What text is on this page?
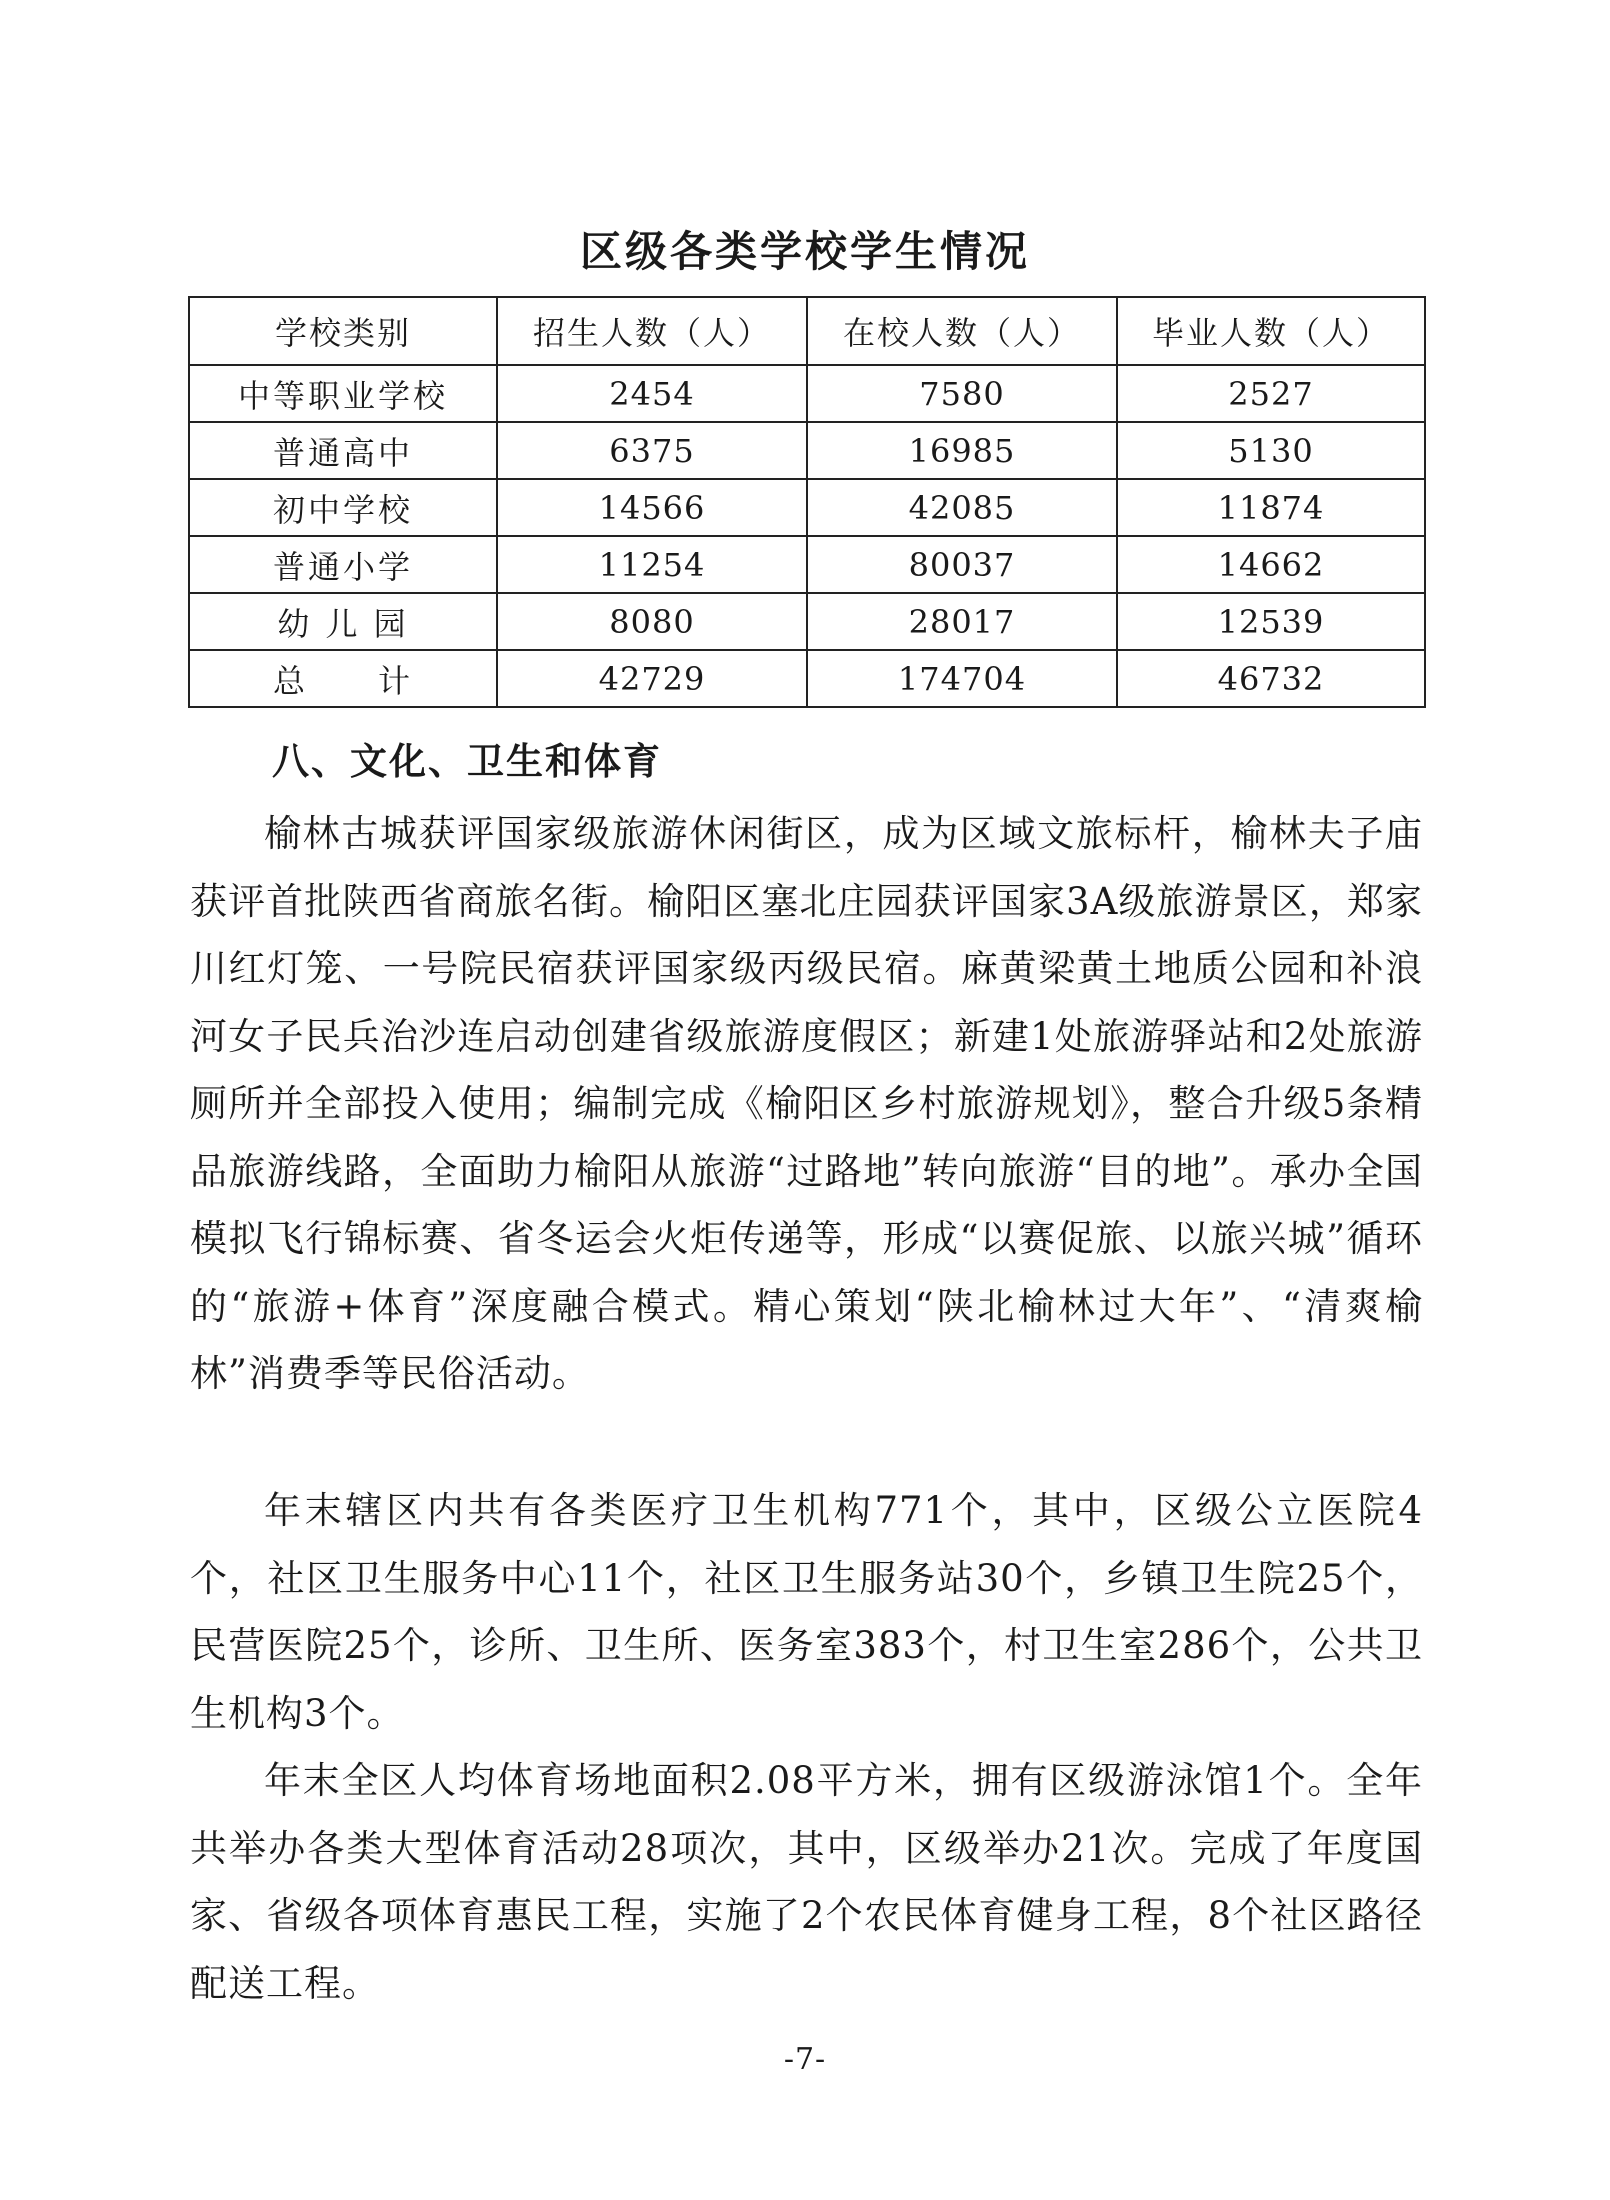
区级各类学校学生情况
学校类别	招生人数（人）	在校人数（人）	毕业人数（人）
中等职业学校	2454	7580	2527
普通高中	6375	16985	5130
初中学校	14566	42085	11874
普通小学	11254	80037	14662
幼 儿 园	8080	28017	12539
总　　计	42729	174704	46732
八、文化、卫生和体育

榆林古城获评国家级旅游休闲街区，成为区域文旅标杆，榆林夫子庙获评首批陕西省商旅名街。榆阳区塞北庄园获评国家3A级旅游景区，郑家川红灯笼、一号院民宿获评国家级丙级民宿。麻黄梁黄土地质公园和补浪河女子民兵治沙连启动创建省级旅游度假区；新建1处旅游驿站和2处旅游厕所并全部投入使用；编制完成《榆阳区乡村旅游规划》，整合升级5条精品旅游线路，全面助力榆阳从旅游“过路地”转向旅游“目的地”。承办全国模拟飞行锦标赛、省冬运会火炬传递等，形成“以赛促旅、以旅兴城”循环的“旅游+体育”深度融合模式。精心策划“陕北榆林过大年”、“清爽榆林”消费季等民俗活动。

年末辖区内共有各类医疗卫生机构771个，其中，区级公立医院4个，社区卫生服务中心11个，社区卫生服务站30个，乡镇卫生院25个，民营医院25个，诊所、卫生所、医务室383个，村卫生室286个，公共卫生机构3个。

年末全区人均体育场地面积2.08平方米，拥有区级游泳馆1个。全年共举办各类大型体育活动28项次，其中，区级举办21次。完成了年度国家、省级各项体育惠民工程，实施了2个农民体育健身工程，8个社区路径配送工程。

-7-
